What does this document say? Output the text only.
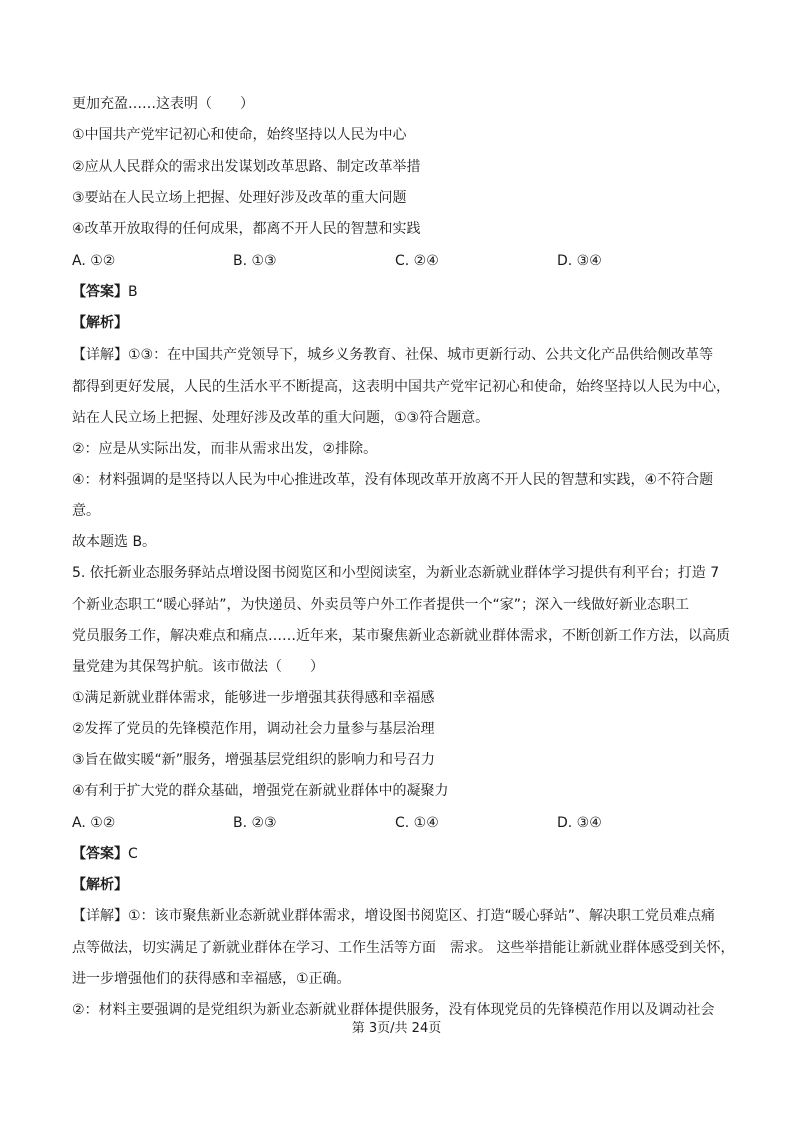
更加充盈……这表明（　　）
①中国共产党牢记初心和使命，始终坚持以人民为中心
②应从人民群众的需求出发谋划改革思路、制定改革举措
③要站在人民立场上把握、处理好涉及改革的重大问题
④改革开放取得的任何成果，都离不开人民的智慧和实践
A. ①②	B. ①③	C. ②④	D. ③④
【答案】B
【解析】
【详解】①③：在中国共产党领导下，城乡义务教育、社保、城市更新行动、公共文化产品供给侧改革等
都得到更好发展，人民的生活水平不断提高，这表明中国共产党牢记初心和使命，始终坚持以人民为中心，
站在人民立场上把握、处理好涉及改革的重大问题，①③符合题意。
②：应是从实际出发，而非从需求出发，②排除。
④：材料强调的是坚持以人民为中心推进改革，没有体现改革开放离不开人民的智慧和实践，④不符合题
意。
故本题选 B。
5. 依托新业态服务驿站点增设图书阅览区和小型阅读室，为新业态新就业群体学习提供有利平台；打造 7
个新业态职工“暖心驿站”，为快递员、外卖员等户外工作者提供一个“家”；深入一线做好新业态职工
党员服务工作，解决难点和痛点……近年来，某市聚焦新业态新就业群体需求，不断创新工作方法，以高质
量党建为其保驾护航。该市做法（　　）
①满足新就业群体需求，能够进一步增强其获得感和幸福感
②发挥了党员的先锋模范作用，调动社会力量参与基层治理
③旨在做实暖“新”服务，增强基层党组织的影响力和号召力
④有利于扩大党的群众基础，增强党在新就业群体中的凝聚力
A. ①②	B. ②③	C. ①④	D. ③④
【答案】C
【解析】
【详解】①：该市聚焦新业态新就业群体需求，增设图书阅览区、打造“暖心驿站”、解决职工党员难点痛
点等做法，切实满足了新就业群体在学习、工作生活等方面　需求。 这些举措能让新就业群体感受到关怀，
进一步增强他们的获得感和幸福感，①正确。
②：材料主要强调的是党组织为新业态新就业群体提供服务，没有体现党员的先锋模范作用以及调动社会
第 3页/共 24页
